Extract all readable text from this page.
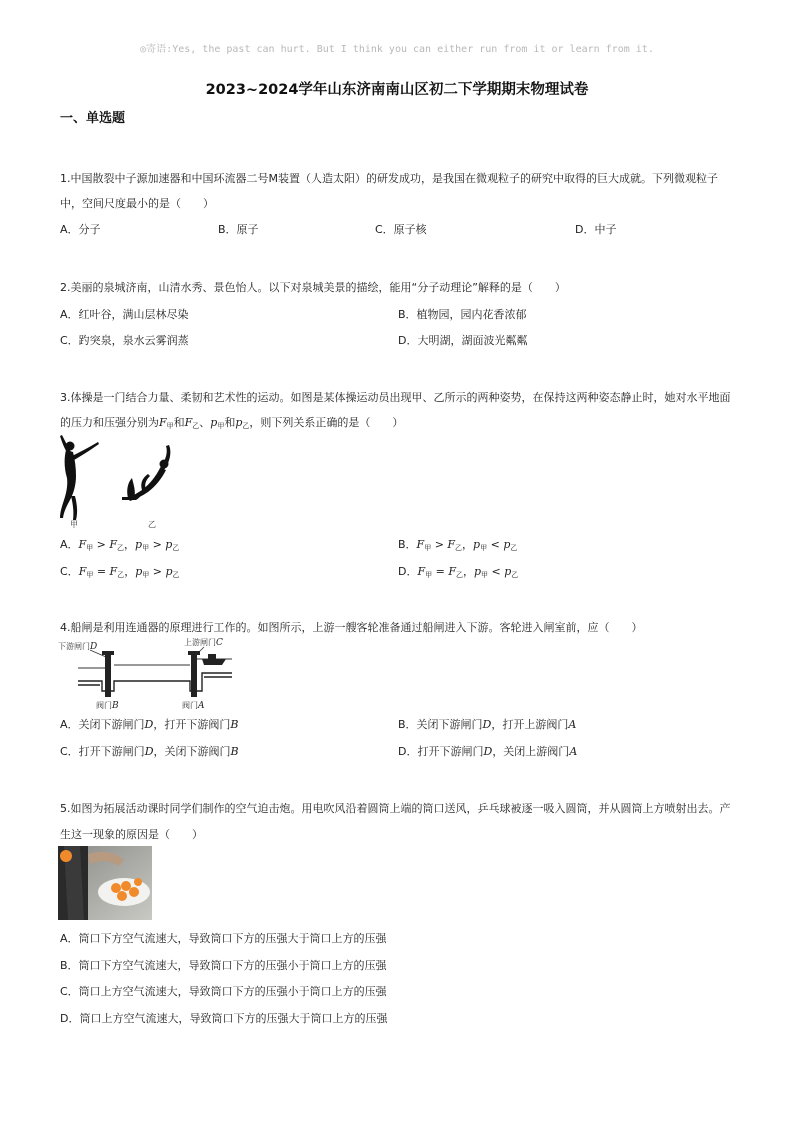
◎寄语:Yes, the past can hurt. But I think you can either run from it or learn from it.
2023~2024学年山东济南南山区初二下学期期末物理试卷
一、单选题
1.中国散裂中子源加速器和中国环流器二号M装置（人造太阳）的研发成功，是我国在微观粒子的研究中取得的巨大成就。下列微观粒子
中，空间尺度最小的是（　　）
A．分子	B．原子	C．原子核	D．中子
2.美丽的泉城济南，山清水秀、景色怡人。以下对泉城美景的描绘，能用“分子动理论”解释的是（　　）
A．红叶谷，满山层林尽染	B．植物园，园内花香浓郁
C．趵突泉，泉水云雾润蒸	D．大明湖，湖面波光粼粼
3.体操是一门结合力量、柔韧和艺术性的运动。如图是某体操运动员出现甲、乙所示的两种姿势，在保持这两种姿态静止时，她对水平地面
的压力和压强分别为$F_甲$和$F_乙$、$p_甲$和$p_乙$，则下列关系正确的是（　　）
甲	乙
A．$F_甲 > F_乙$，$p_甲 > p_乙$	B．$F_甲 > F_乙$，$p_甲 < p_乙$
C．$F_甲 = F_乙$，$p_甲 > p_乙$	D．$F_甲 = F_乙$，$p_甲 < p_乙$
4.船闸是利用连通器的原理进行工作的。如图所示，上游一艘客轮准备通过船闸进入下游。客轮进入闸室前，应（　　）
下游闸门D	上游闸门C
阀门B	阀门A
A．关闭下游闸门D，打开下游阀门B	B．关闭下游闸门D，打开上游阀门A
C．打开下游闸门D，关闭下游阀门B	D．打开下游闸门D，关闭上游阀门A
5.如图为拓展活动课时同学们制作的空气迫击炮。用电吹风沿着圆筒上端的筒口送风，乒乓球被逐一吸入圆筒，并从圆筒上方喷射出去。产
生这一现象的原因是（　　）
A．筒口下方空气流速大，导致筒口下方的压强大于筒口上方的压强
B．筒口下方空气流速大，导致筒口下方的压强小于筒口上方的压强
C．筒口上方空气流速大，导致筒口下方的压强小于筒口上方的压强
D．筒口上方空气流速大，导致筒口下方的压强大于筒口上方的压强
